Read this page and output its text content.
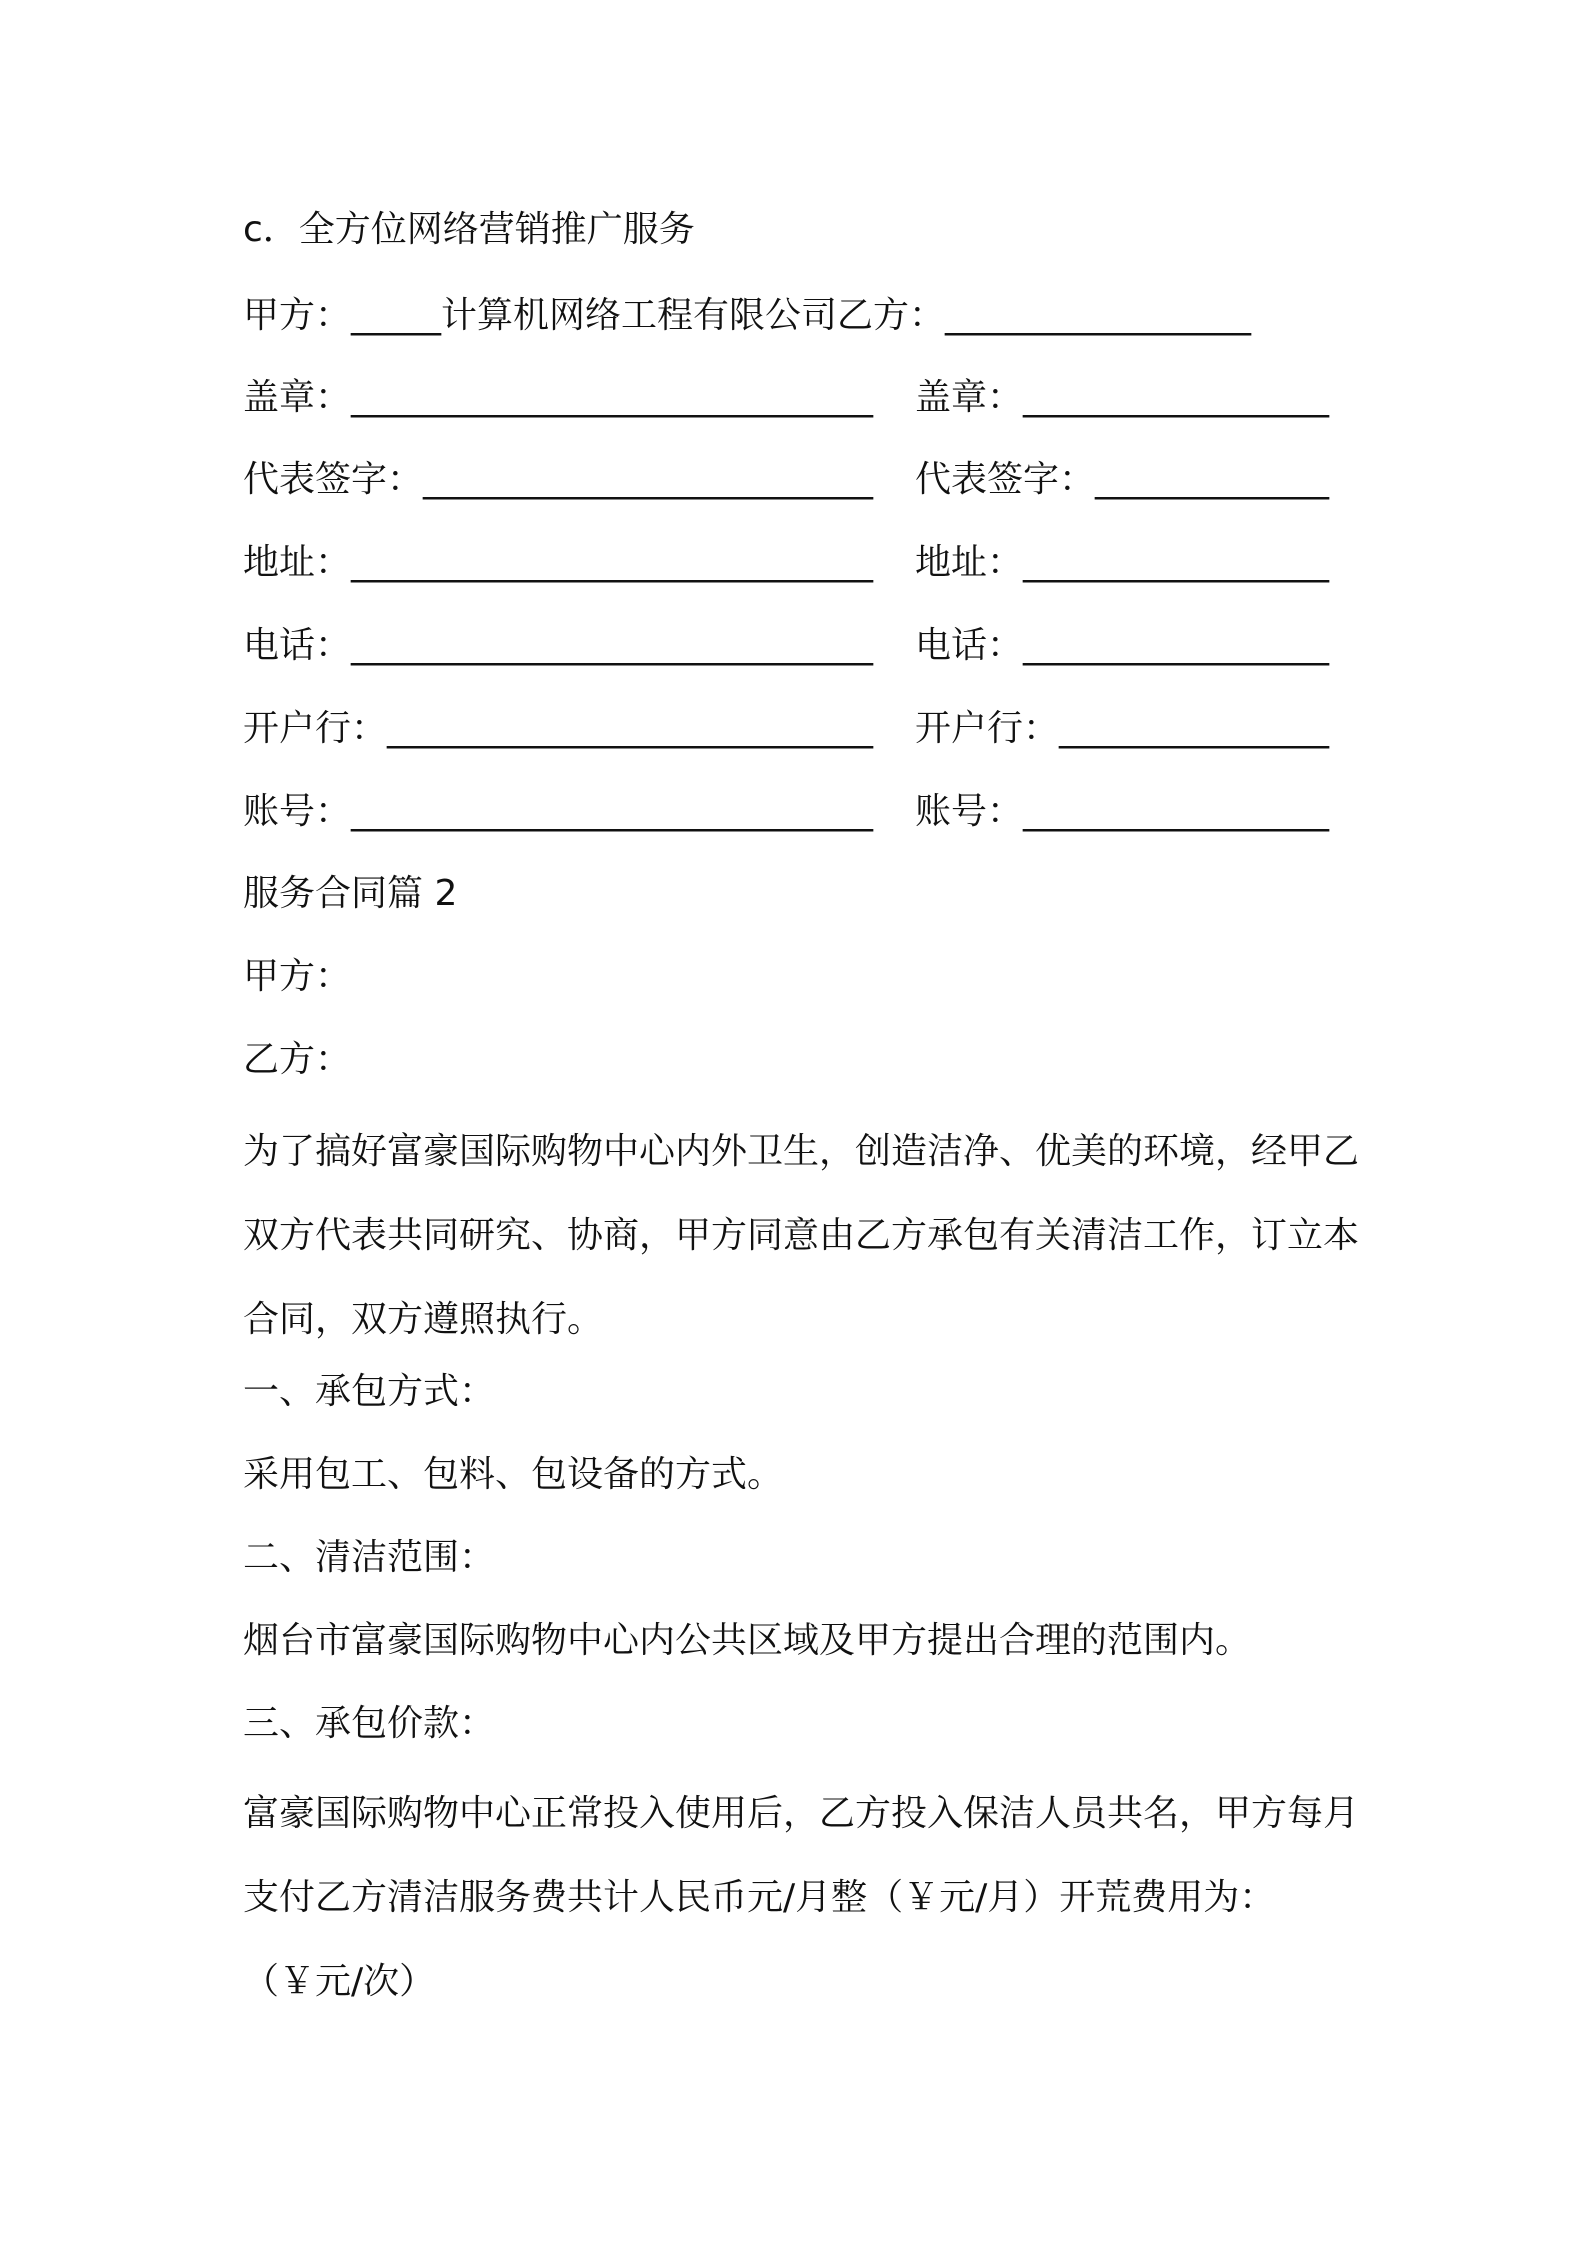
c．全方位网络营销推广服务
甲方：_____计算机网络工程有限公司乙方：_________________
盖章：_____________________________ 盖章：_________________
代表签字：_________________________ 代表签字：_____________
地址：_____________________________ 地址：_________________
电话：_____________________________ 电话：_________________
开户行：___________________________ 开户行：_______________
账号：_____________________________ 账号：_________________
服务合同篇 2
甲方：
乙方：
为了搞好富豪国际购物中心内外卫生，创造洁净、优美的环境，经甲乙双方代表共同研究、协商，甲方同意由乙方承包有关清洁工作，订立本合同，双方遵照执行。
一、承包方式：
采用包工、包料、包设备的方式。
二、清洁范围：
烟台市富豪国际购物中心内公共区域及甲方提出合理的范围内。
三、承包价款：
富豪国际购物中心正常投入使用后，乙方投入保洁人员共名，甲方每月支付乙方清洁服务费共计人民币元/月整（￥元/月）开荒费用为：（￥元/次）
